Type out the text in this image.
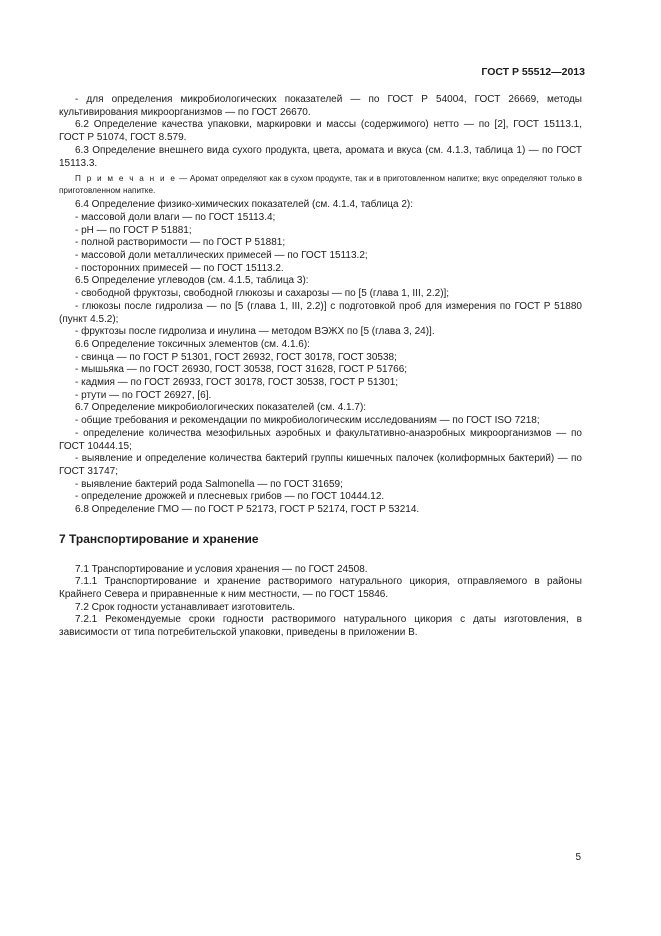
ГОСТ Р 55512—2013

- для определения микробиологических показателей — по ГОСТ Р 54004, ГОСТ 26669, методы культивирования микроорганизмов — по ГОСТ 26670.

6.2 Определение качества упаковки, маркировки и массы (содержимого) нетто — по [2], ГОСТ 15113.1, ГОСТ Р 51074, ГОСТ 8.579.

6.3 Определение внешнего вида сухого продукта, цвета, аромата и вкуса (см. 4.1.3, таблица 1) — по ГОСТ 15113.3.

П р и м е ч а н и е — Аромат определяют как в сухом продукте, так и в приготовленном напитке; вкус определяют только в приготовленном напитке.

6.4 Определение физико-химических показателей (см. 4.1.4, таблица 2):

- массовой доли влаги — по ГОСТ 15113.4;

- pH — по ГОСТ Р 51881;

- полной растворимости — по ГОСТ Р 51881;

- массовой доли металлических примесей — по ГОСТ 15113.2;

- посторонних примесей — по ГОСТ 15113.2.

6.5 Определение углеводов (см. 4.1.5, таблица 3):

- свободной фруктозы, свободной глюкозы и сахарозы — по [5 (глава 1, III, 2.2)];

- глюкозы после гидролиза — по [5 (глава 1, III, 2.2)] с подготовкой проб для измерения по ГОСТ Р 51880 (пункт 4.5.2);

- фруктозы после гидролиза и инулина — методом ВЭЖХ по [5 (глава 3, 24)].

6.6 Определение токсичных элементов (см. 4.1.6):

- свинца — по ГОСТ Р 51301, ГОСТ 26932, ГОСТ 30178, ГОСТ 30538;

- мышьяка — по ГОСТ 26930, ГОСТ 30538, ГОСТ 31628, ГОСТ Р 51766;

- кадмия — по ГОСТ 26933, ГОСТ 30178, ГОСТ 30538, ГОСТ Р 51301;

- ртути — по ГОСТ 26927, [6].

6.7 Определение микробиологических показателей (см. 4.1.7):

- общие требования и рекомендации по микробиологическим исследованиям — по ГОСТ ISO 7218;

- определение количества мезофильных аэробных и факультативно-анаэробных микроорганизмов — по ГОСТ 10444.15;

- выявление и определение количества бактерий группы кишечных палочек (колиформных бактерий) — по ГОСТ 31747;

- выявление бактерий рода Salmonella — по ГОСТ 31659;

- определение дрожжей и плесневых грибов — по ГОСТ 10444.12.

6.8 Определение ГМО — по ГОСТ Р 52173, ГОСТ Р 52174, ГОСТ Р 53214.

7 Транспортирование и хранение

7.1 Транспортирование и условия хранения — по ГОСТ 24508.

7.1.1 Транспортирование и хранение растворимого натурального цикория, отправляемого в районы Крайнего Севера и приравненные к ним местности, — по ГОСТ 15846.

7.2 Срок годности устанавливает изготовитель.

7.2.1 Рекомендуемые сроки годности растворимого натурального цикория с даты изготовления, в зависимости от типа потребительской упаковки, приведены в приложении В.

5
